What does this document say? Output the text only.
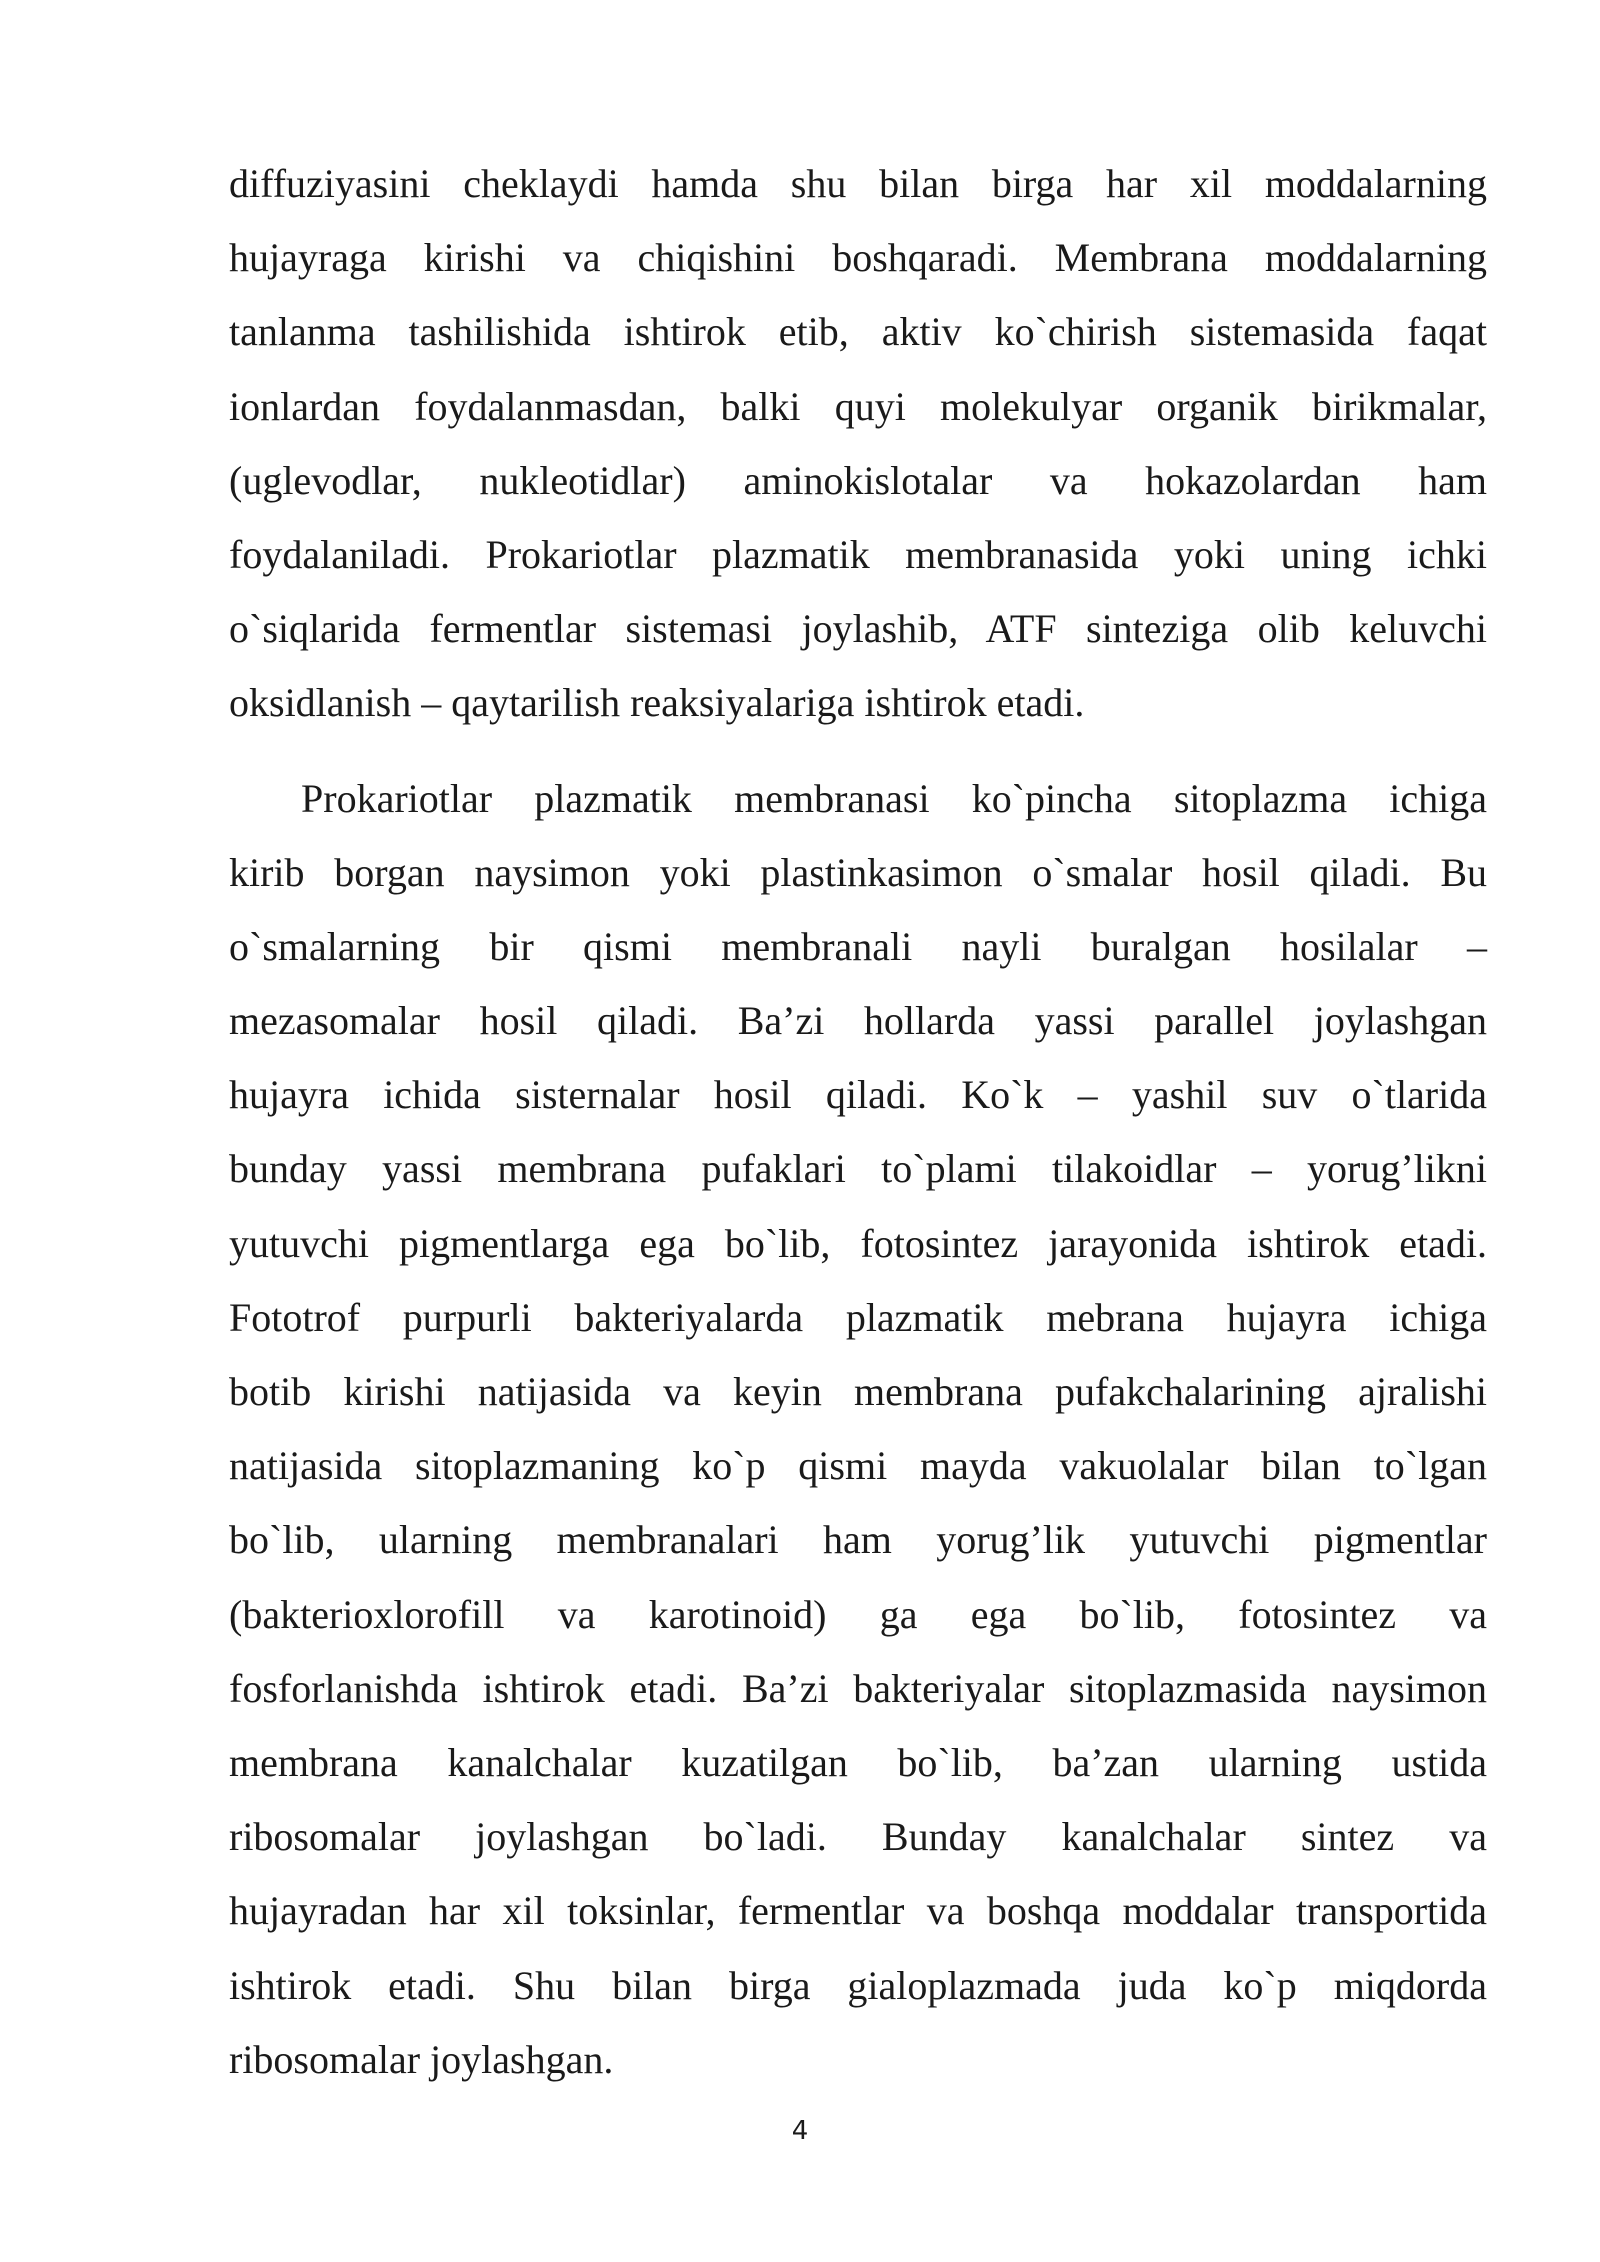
diffuziyasini cheklaydi hamda shu bilan birga har xil moddalarning
hujayraga kirishi va chiqishini boshqaradi. Membrana moddalarning
tanlanma tashilishida ishtirok etib, aktiv ko`chirish sistemasida faqat
ionlardan foydalanmasdan, balki quyi molekulyar organik birikmalar,
(uglevodlar, nukleotidlar) aminokislotalar va hokazolardan ham
foydalaniladi. Prokariotlar plazmatik membranasida yoki uning ichki
o`siqlarida fermentlar sistemasi joylashib, ATF sinteziga olib keluvchi
oksidlanish – qaytarilish reaksiyalariga ishtirok etadi.
Prokariotlar plazmatik membranasi ko`pincha sitoplazma ichiga
kirib borgan naysimon yoki plastinkasimon o`smalar hosil qiladi. Bu
o`smalarning bir qismi membranali nayli buralgan hosilalar –
mezasomalar hosil qiladi. Ba’zi hollarda yassi parallel joylashgan
hujayra ichida sisternalar hosil qiladi. Ko`k – yashil suv o`tlarida
bunday yassi membrana pufaklari to`plami tilakoidlar – yorug’likni
yutuvchi pigmentlarga ega bo`lib, fotosintez jarayonida ishtirok etadi.
Fototrof purpurli bakteriyalarda plazmatik mebrana hujayra ichiga
botib kirishi natijasida va keyin membrana pufakchalarining ajralishi
natijasida sitoplazmaning ko`p qismi mayda vakuolalar bilan to`lgan
bo`lib, ularning membranalari ham yorug’lik yutuvchi pigmentlar
(bakterioxlorofill va karotinoid) ga ega bo`lib, fotosintez va
fosforlanishda ishtirok etadi. Ba’zi bakteriyalar sitoplazmasida naysimon
membrana kanalchalar kuzatilgan bo`lib, ba’zan ularning ustida
ribosomalar joylashgan bo`ladi. Bunday kanalchalar sintez va
hujayradan har xil toksinlar, fermentlar va boshqa moddalar transportida
ishtirok etadi. Shu bilan birga gialoplazmada juda ko`p miqdorda
ribosomalar joylashgan.
4
